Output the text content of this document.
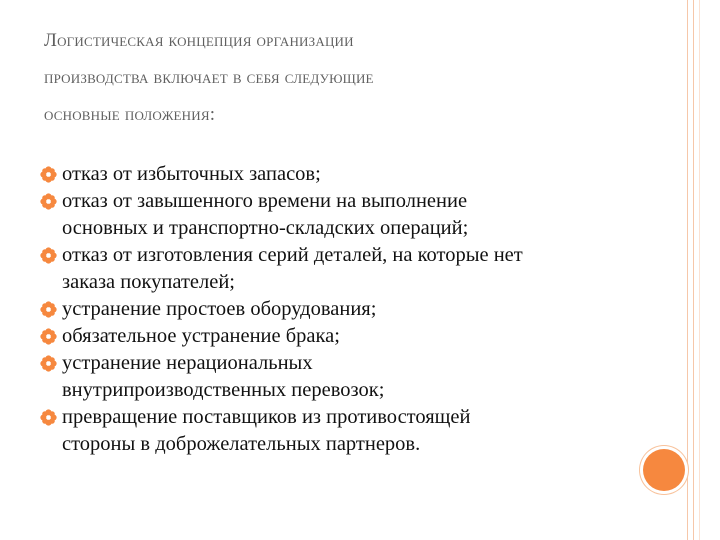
Логистическая концепция организации
производства включает в себя следующие
основные положения:
отказ от избыточных запасов;
отказ от завышенного времени на выполнение
основных и транспортно-складских операций;
отказ от изготовления серий деталей, на которые нет
заказа покупателей;
устранение простоев оборудования;
обязательное устранение брака;
устранение нерациональных
внутрипроизводственных перевозок;
превращение поставщиков из противостоящей
стороны в доброжелательных партнеров.
